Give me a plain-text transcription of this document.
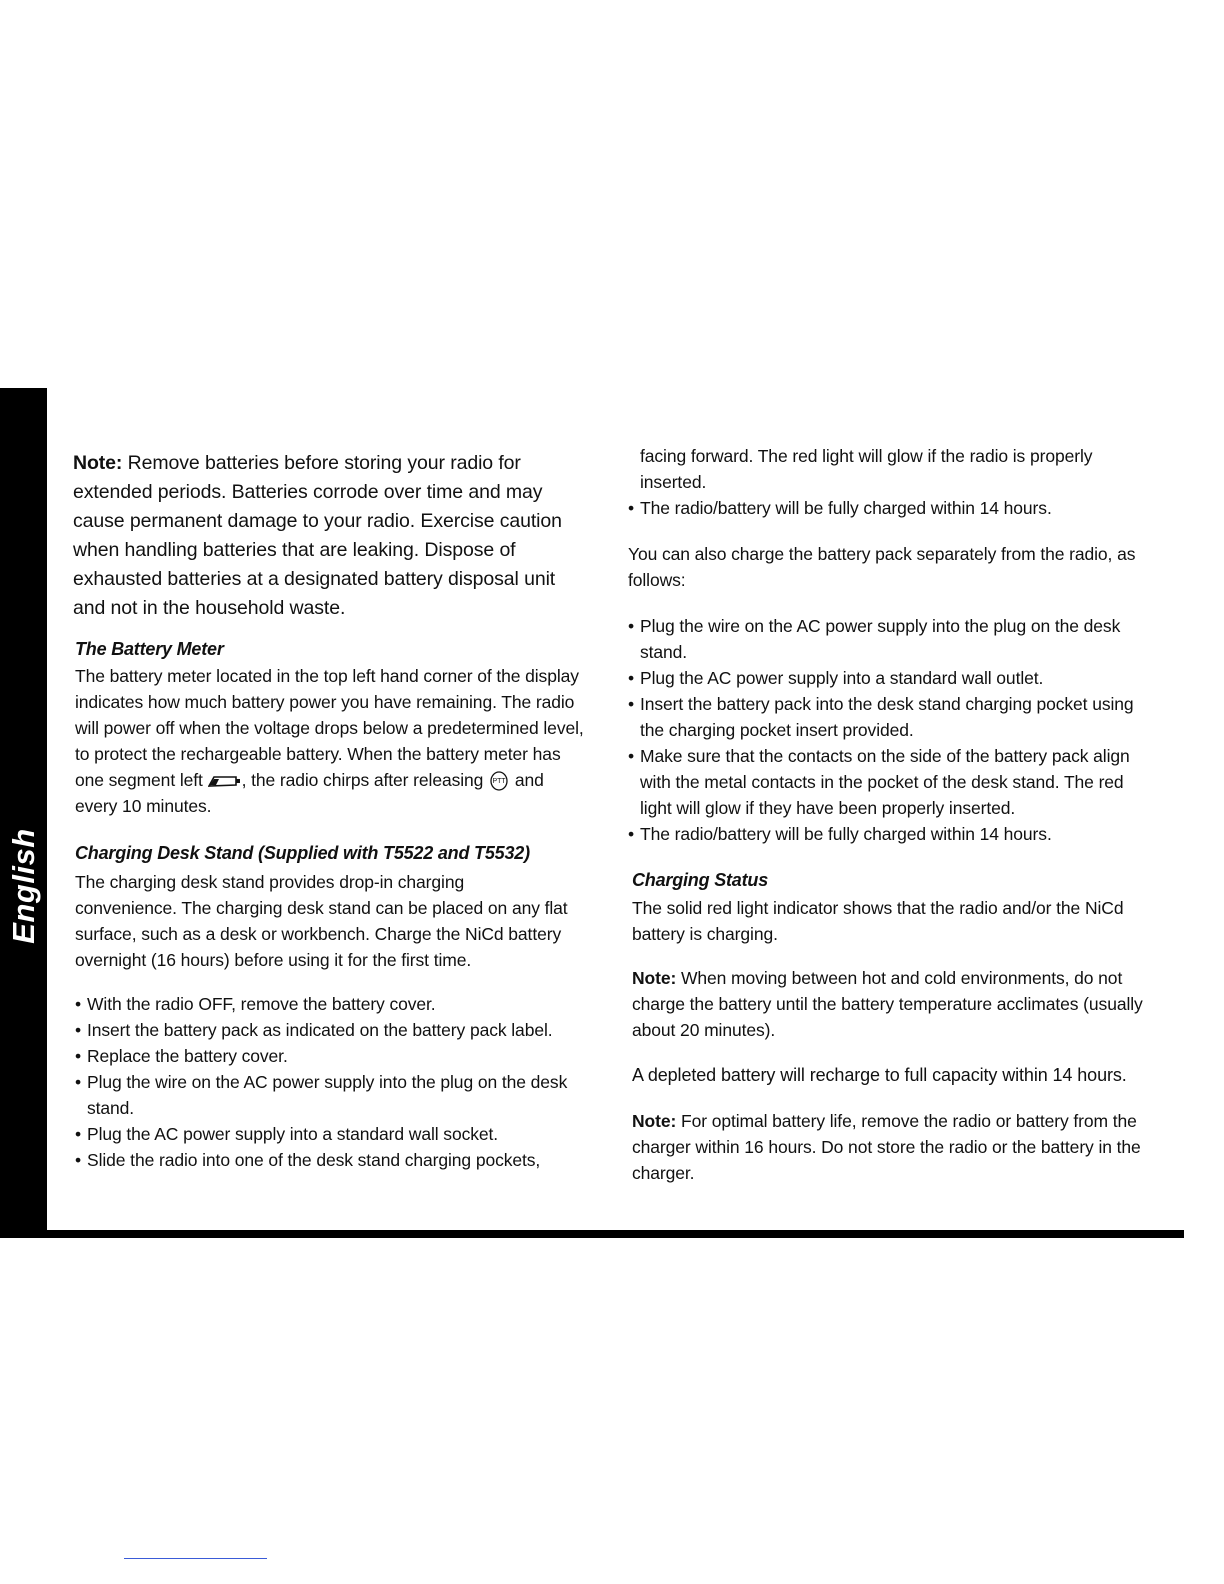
English
8

Note: Remove batteries before storing your radio for extended periods. Batteries corrode over time and may cause permanent damage to your radio. Exercise caution when handling batteries that are leaking. Dispose of exhausted batteries at a designated battery disposal unit and not in the household waste.

The Battery Meter

The battery meter located in the top left hand corner of the display indicates how much battery power you have remaining. The radio will power off when the voltage drops below a predetermined level, to protect the rechargeable battery. When the battery meter has one segment left , the radio chirps after releasing PTT and every 10 minutes.

Charging Desk Stand (Supplied with T5522 and T5532)
The charging desk stand provides drop-in charging convenience. The charging desk stand can be placed on any flat surface, such as a desk or workbench. Charge the NiCd battery overnight (16 hours) before using it for the first time.
• With the radio OFF, remove the battery cover.
• Insert the battery pack as indicated on the battery pack label.
• Replace the battery cover.
• Plug the wire on the AC power supply into the plug on the desk stand.
• Plug the AC power supply into a standard wall socket.
• Slide the radio into one of the desk stand charging pockets,
facing forward. The red light will glow if the radio is properly inserted.
• The radio/battery will be fully charged within 14 hours.
You can also charge the battery pack separately from the radio, as follows:
• Plug the wire on the AC power supply into the plug on the desk stand.
• Plug the AC power supply into a standard wall outlet.
• Insert the battery pack into the desk stand charging pocket using the charging pocket insert provided.
• Make sure that the contacts on the side of the battery pack align with the metal contacts in the pocket of the desk stand. The red light will glow if they have been properly inserted.
• The radio/battery will be fully charged within 14 hours.
Charging Status
The solid red light indicator shows that the radio and/or the NiCd battery is charging.

Note: When moving between hot and cold environments, do not charge the battery until the battery temperature acclimates (usually about 20 minutes).

A depleted battery will recharge to full capacity within 14 hours.

Note: For optimal battery life, remove the radio or battery from the charger within 16 hours. Do not store the radio or the battery in the charger.
